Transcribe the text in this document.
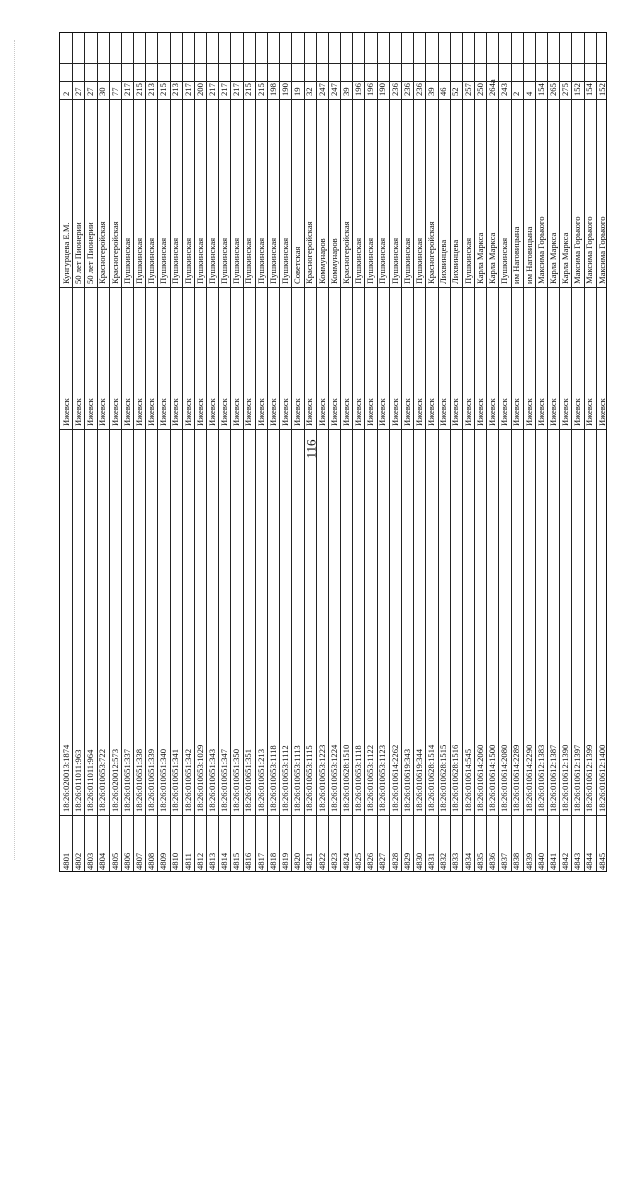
116
4801
18:26:020013:1874
Ижевск
Кунгурцева Е.М.
2
4802
18:26:011011:963
Ижевск
50 лет Пионерии
27
4803
18:26:011011:964
Ижевск
50 лет Пионерии
27
4804
18:26:010653:722
Ижевск
Красногеройская
30
4805
18:26:020012:573
Ижевск
Красногеройская
77
4806
18:26:010651:337
Ижевск
Пушкинская
217
4807
18:26:010651:338
Ижевск
Пушкинская
215
4808
18:26:010651:339
Ижевск
Пушкинская
213
4809
18:26:010651:340
Ижевск
Пушкинская
215
4810
18:26:010651:341
Ижевск
Пушкинская
213
4811
18:26:010651:342
Ижевск
Пушкинская
217
4812
18:26:010653:1029
Ижевск
Пушкинская
200
4813
18:26:010651:343
Ижевск
Пушкинская
217
4814
18:26:010651:347
Ижевск
Пушкинская
217
4815
18:26:010651:350
Ижевск
Пушкинская
217
4816
18:26:010651:351
Ижевск
Пушкинская
215
4817
18:26:010651:213
Ижевск
Пушкинская
215
4818
18:26:010653:1118
Ижевск
Пушкинская
198
4819
18:26:010653:1112
Ижевск
Пушкинская
190
4820
18:26:010653:1113
Ижевск
Советская
19
4821
18:26:010653:1115
Ижевск
Красногеройская
32
4822
18:26:010653:1223
Ижевск
Коммунаров
247
4823
18:26:010653:1224
Ижевск
Коммунаров
247
4824
18:26:010628:1510
Ижевск
Красногеройская
39
4825
18:26:010653:1118
Ижевск
Пушкинская
196
4826
18:26:010653:1122
Ижевск
Пушкинская
196
4827
18:26:010653:1123
Ижевск
Пушкинская
190
4828
18:26:010614:2262
Ижевск
Пушкинская
236
4829
18:26:010619:343
Ижевск
Пушкинская
236
4830
18:26:010619:344
Ижевск
Пушкинская
236
4831
18:26:010628:1514
Ижевск
Красногеройская
39
4832
18:26:010628:1515
Ижевск
Лихвинцева
46
4833
18:26:010628:1516
Ижевск
Лихвинцева
52
4834
18:26:010614:545
Ижевск
Пушкинская
257
4835
18:26:010614:2060
Ижевск
Карла Маркса
250
4836
18:26:010614:1500
Ижевск
Карла Маркса
264а
4837
18:26:010614:2080
Ижевск
Пушкинская
243
4838
18:26:010614:2289
Ижевск
им Наговицына
2
4839
18:26:010614:2290
Ижевск
им Наговицына
4
4840
18:26:010612:1383
Ижевск
Максима Горького
154
4841
18:26:010612:1387
Ижевск
Карла Маркса
265
4842
18:26:010612:1390
Ижевск
Карла Маркса
275
4843
18:26:010612:1397
Ижевск
Максима Горького
152
4844
18:26:010612:1399
Ижевск
Максима Горького
154
4845
18:26:010612:1400
Ижевск
Максима Горького
152
